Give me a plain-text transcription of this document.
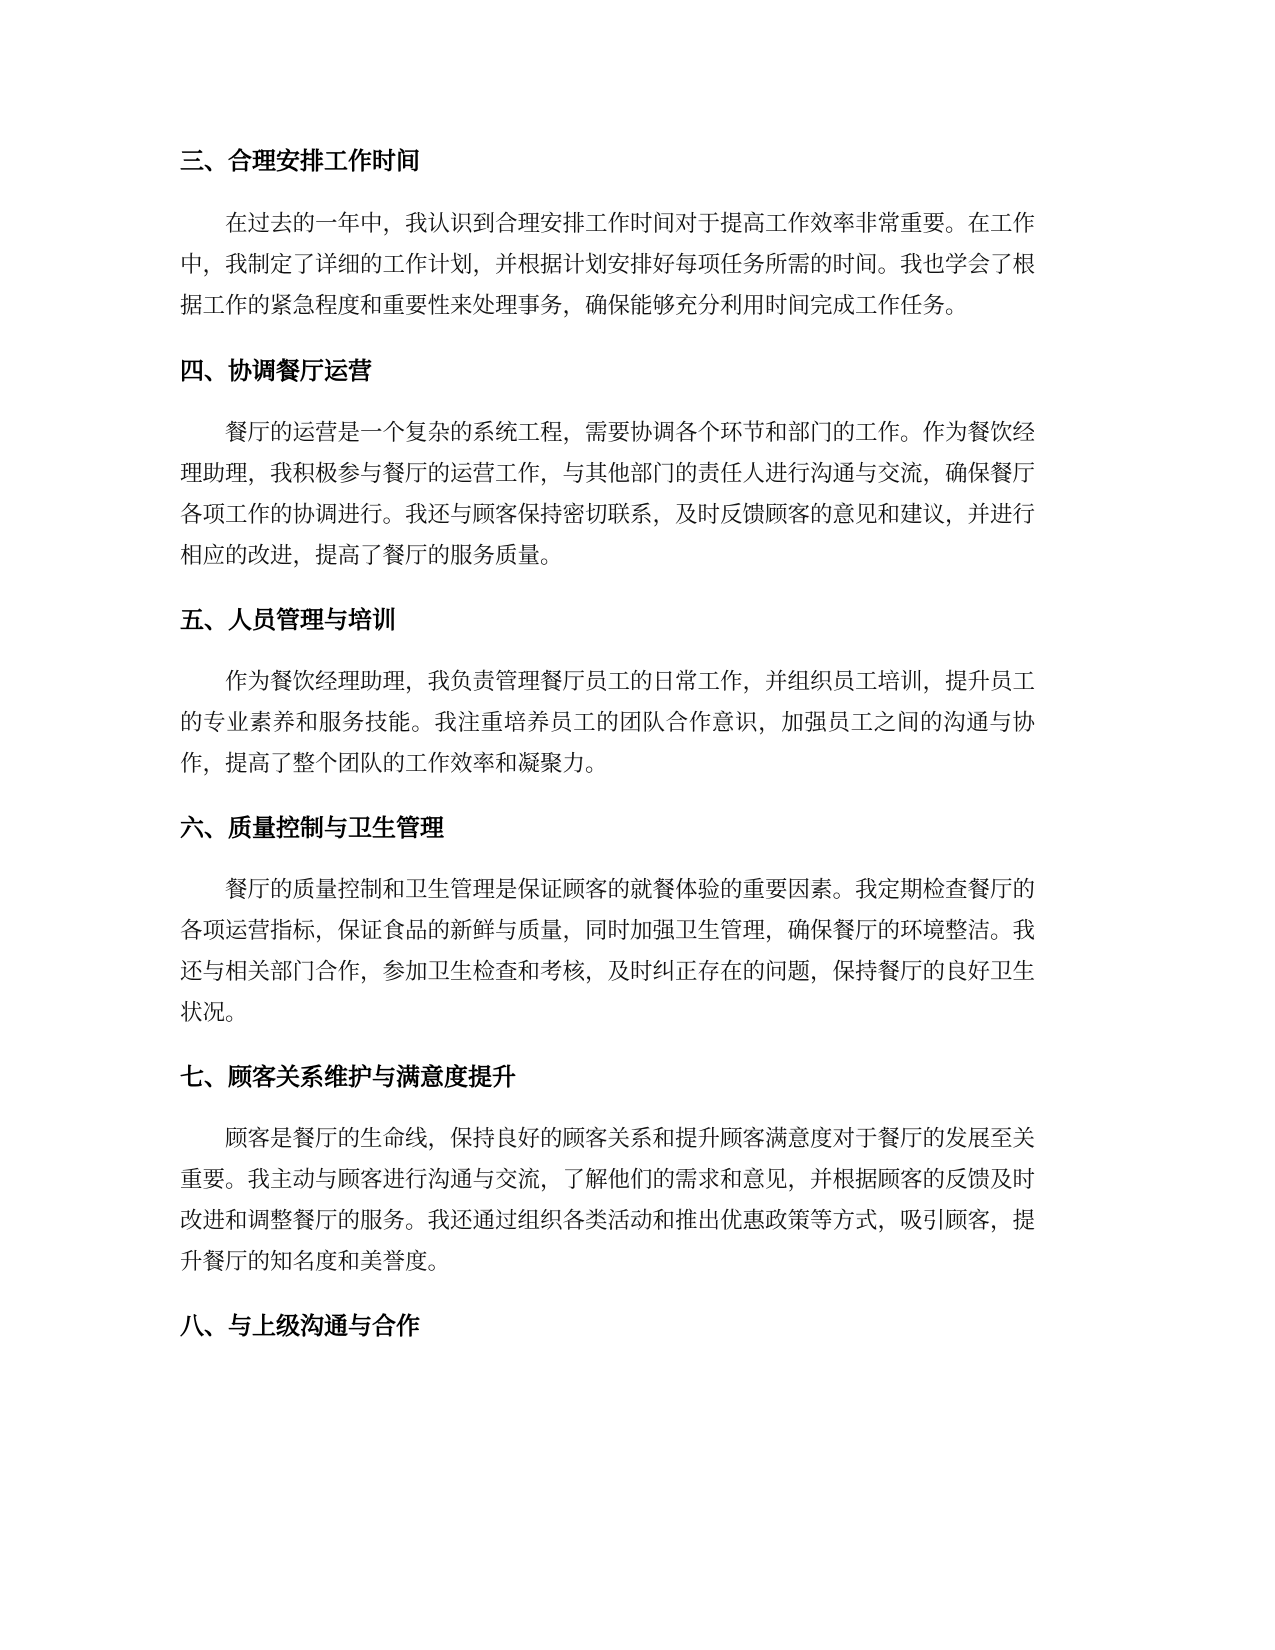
三、合理安排工作时间

在过去的一年中，我认识到合理安排工作时间对于提高工作效率非常重要。在工作中，我制定了详细的工作计划，并根据计划安排好每项任务所需的时间。我也学会了根据工作的紧急程度和重要性来处理事务，确保能够充分利用时间完成工作任务。

四、协调餐厅运营

餐厅的运营是一个复杂的系统工程，需要协调各个环节和部门的工作。作为餐饮经理助理，我积极参与餐厅的运营工作，与其他部门的责任人进行沟通与交流，确保餐厅各项工作的协调进行。我还与顾客保持密切联系，及时反馈顾客的意见和建议，并进行相应的改进，提高了餐厅的服务质量。

五、人员管理与培训

作为餐饮经理助理，我负责管理餐厅员工的日常工作，并组织员工培训，提升员工的专业素养和服务技能。我注重培养员工的团队合作意识，加强员工之间的沟通与协作，提高了整个团队的工作效率和凝聚力。

六、质量控制与卫生管理

餐厅的质量控制和卫生管理是保证顾客的就餐体验的重要因素。我定期检查餐厅的各项运营指标，保证食品的新鲜与质量，同时加强卫生管理，确保餐厅的环境整洁。我还与相关部门合作，参加卫生检查和考核，及时纠正存在的问题，保持餐厅的良好卫生状况。

七、顾客关系维护与满意度提升

顾客是餐厅的生命线，保持良好的顾客关系和提升顾客满意度对于餐厅的发展至关重要。我主动与顾客进行沟通与交流，了解他们的需求和意见，并根据顾客的反馈及时改进和调整餐厅的服务。我还通过组织各类活动和推出优惠政策等方式，吸引顾客，提升餐厅的知名度和美誉度。

八、与上级沟通与合作
